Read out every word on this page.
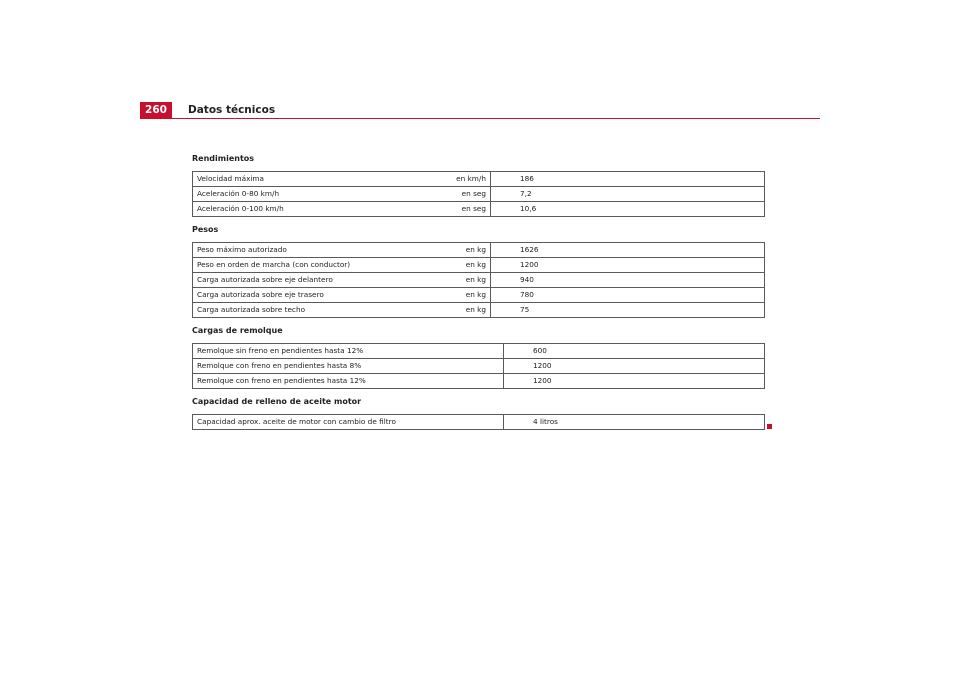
260	Datos técnicos
Rendimientos
Velocidad máxima	en km/h	186
Aceleración 0-80 km/h	en seg	7,2
Aceleración 0-100 km/h	en seg	10,6
Pesos
Peso máximo autorizado	en kg	1626
Peso en orden de marcha (con conductor)	en kg	1200
Carga autorizada sobre eje delantero	en kg	940
Carga autorizada sobre eje trasero	en kg	780
Carga autorizada sobre techo	en kg	75
Cargas de remolque
Remolque sin freno en pendientes hasta 12%	600
Remolque con freno en pendientes hasta 8%	1200
Remolque con freno en pendientes hasta 12%	1200
Capacidad de relleno de aceite motor
Capacidad aprox. aceite de motor con cambio de filtro	4 litros
